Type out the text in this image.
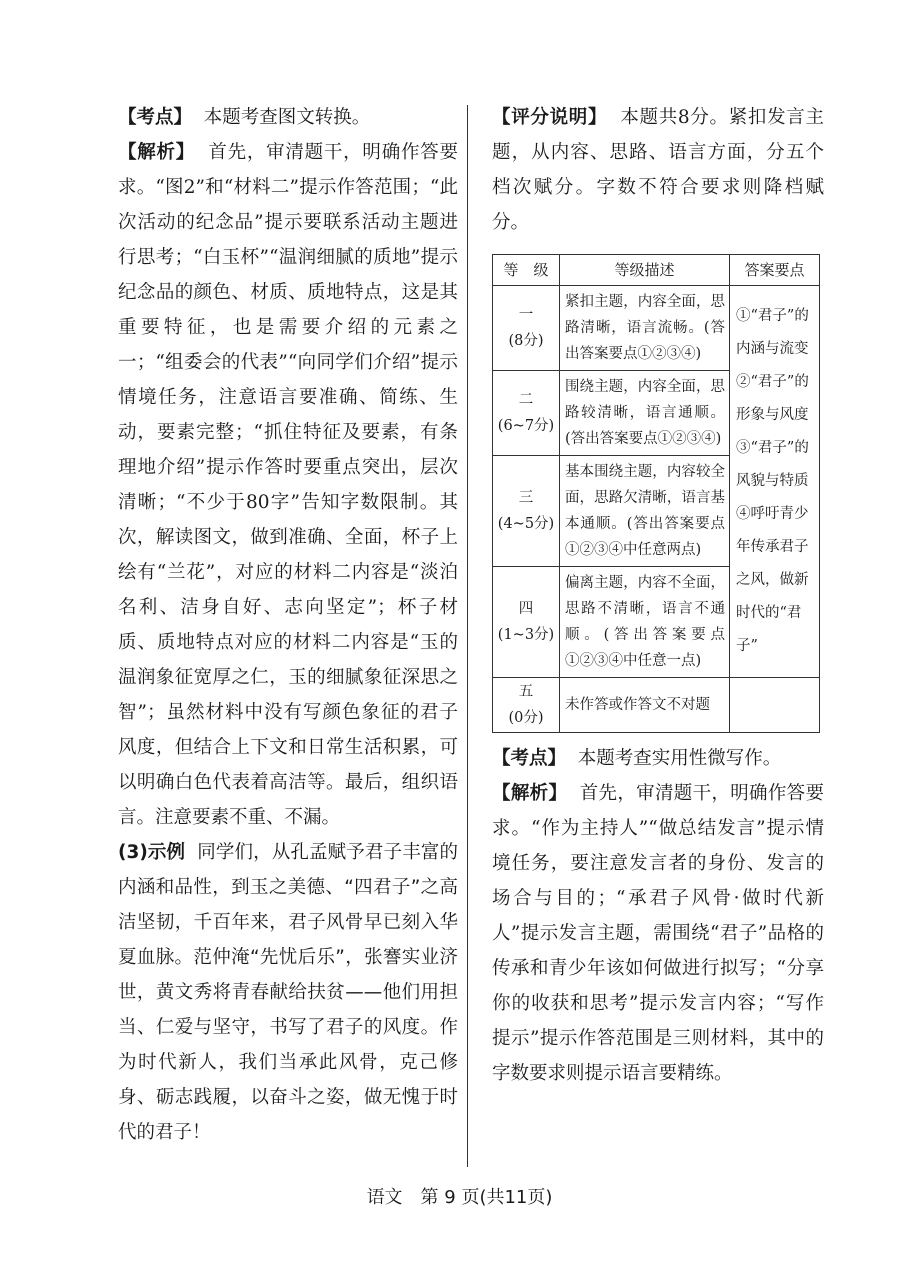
【考点】 本题考查图文转换。

【解析】 首先，审清题干，明确作答要求。“图2”和“材料二”提示作答范围；“此次活动的纪念品”提示要联系活动主题进行思考；“白玉杯”“温润细腻的质地”提示纪念品的颜色、材质、质地特点，这是其重要特征，也是需要介绍的元素之一；“组委会的代表”“向同学们介绍”提示情境任务，注意语言要准确、简练、生动，要素完整；“抓住特征及要素，有条理地介绍”提示作答时要重点突出，层次清晰；“不少于80字”告知字数限制。其次，解读图文，做到准确、全面，杯子上绘有“兰花”，对应的材料二内容是“淡泊名利、洁身自好、志向坚定”；杯子材质、质地特点对应的材料二内容是“玉的温润象征宽厚之仁，玉的细腻象征深思之智”；虽然材料中没有写颜色象征的君子风度，但结合上下文和日常生活积累，可以明确白色代表着高洁等。最后，组织语言。注意要素不重、不漏。

(3)示例 同学们，从孔孟赋予君子丰富的内涵和品性，到玉之美德、“四君子”之高洁坚韧，千百年来，君子风骨早已刻入华夏血脉。范仲淹“先忧后乐”，张謇实业济世，黄文秀将青春献给扶贫——他们用担当、仁爱与坚守，书写了君子的风度。作为时代新人，我们当承此风骨，克己修身、砺志践履，以奋斗之姿，做无愧于时代的君子！

【评分说明】 本题共8分。紧扣发言主题，从内容、思路、语言方面，分五个档次赋分。字数不符合要求则降档赋分。

等　级	等级描述	答案要点
一
(8分)	紧扣主题，内容全面，思路清晰，语言流畅。(答出答案要点①②③④)	①“君子”的内涵与流变②“君子”的形象与风度③“君子”的风貌与特质④呼吁青少年传承君子之风，做新时代的“君子”
二
(6~7分)	围绕主题，内容全面，思路较清晰，语言通顺。(答出答案要点①②③④)	
三
(4~5分)	基本围绕主题，内容较全面，思路欠清晰，语言基本通顺。(答出答案要点①②③④中任意两点)	
四
(1~3分)	偏离主题，内容不全面，思路不清晰，语言不通顺。(答出答案要点①②③④中任意一点)	
五
(0分)	未作答或作答文不对题	

【考点】 本题考查实用性微写作。

【解析】 首先，审清题干，明确作答要求。“作为主持人”“做总结发言”提示情境任务，要注意发言者的身份、发言的场合与目的；“承君子风骨·做时代新人”提示发言主题，需围绕“君子”品格的传承和青少年该如何做进行拟写；“分享你的收获和思考”提示发言内容；“写作提示”提示作答范围是三则材料，其中的字数要求则提示语言要精练。

语文　第 9 页(共11页)
